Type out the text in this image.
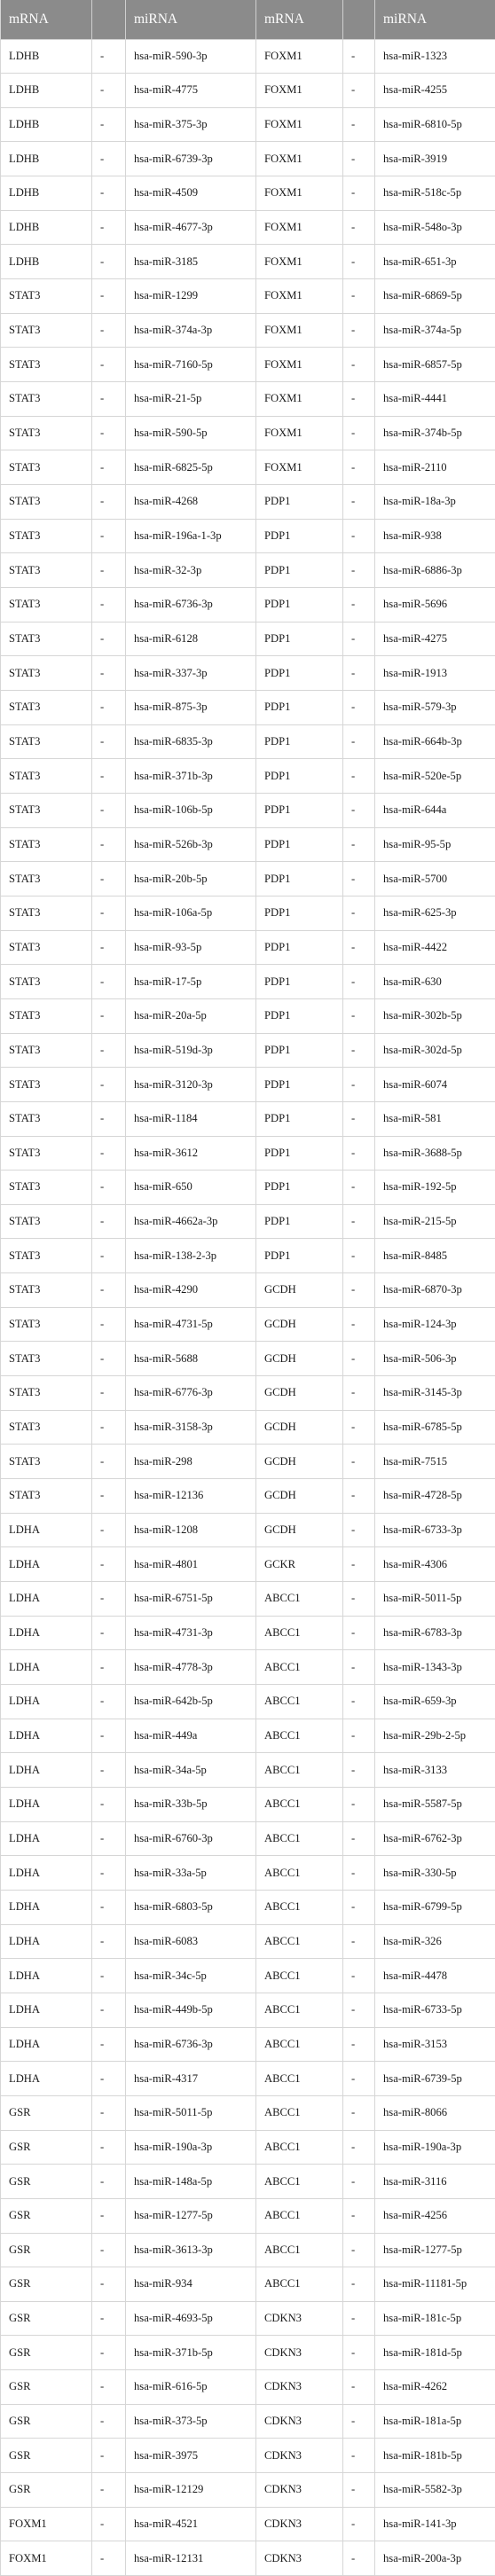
mRNA		miRNA	mRNA		miRNA
LDHB	-	hsa-miR-590-3p	FOXM1	-	hsa-miR-1323
LDHB	-	hsa-miR-4775	FOXM1	-	hsa-miR-4255
LDHB	-	hsa-miR-375-3p	FOXM1	-	hsa-miR-6810-5p
LDHB	-	hsa-miR-6739-3p	FOXM1	-	hsa-miR-3919
LDHB	-	hsa-miR-4509	FOXM1	-	hsa-miR-518c-5p
LDHB	-	hsa-miR-4677-3p	FOXM1	-	hsa-miR-548o-3p
LDHB	-	hsa-miR-3185	FOXM1	-	hsa-miR-651-3p
STAT3	-	hsa-miR-1299	FOXM1	-	hsa-miR-6869-5p
STAT3	-	hsa-miR-374a-3p	FOXM1	-	hsa-miR-374a-5p
STAT3	-	hsa-miR-7160-5p	FOXM1	-	hsa-miR-6857-5p
STAT3	-	hsa-miR-21-5p	FOXM1	-	hsa-miR-4441
STAT3	-	hsa-miR-590-5p	FOXM1	-	hsa-miR-374b-5p
STAT3	-	hsa-miR-6825-5p	FOXM1	-	hsa-miR-2110
STAT3	-	hsa-miR-4268	PDP1	-	hsa-miR-18a-3p
STAT3	-	hsa-miR-196a-1-3p	PDP1	-	hsa-miR-938
STAT3	-	hsa-miR-32-3p	PDP1	-	hsa-miR-6886-3p
STAT3	-	hsa-miR-6736-3p	PDP1	-	hsa-miR-5696
STAT3	-	hsa-miR-6128	PDP1	-	hsa-miR-4275
STAT3	-	hsa-miR-337-3p	PDP1	-	hsa-miR-1913
STAT3	-	hsa-miR-875-3p	PDP1	-	hsa-miR-579-3p
STAT3	-	hsa-miR-6835-3p	PDP1	-	hsa-miR-664b-3p
STAT3	-	hsa-miR-371b-3p	PDP1	-	hsa-miR-520e-5p
STAT3	-	hsa-miR-106b-5p	PDP1	-	hsa-miR-644a
STAT3	-	hsa-miR-526b-3p	PDP1	-	hsa-miR-95-5p
STAT3	-	hsa-miR-20b-5p	PDP1	-	hsa-miR-5700
STAT3	-	hsa-miR-106a-5p	PDP1	-	hsa-miR-625-3p
STAT3	-	hsa-miR-93-5p	PDP1	-	hsa-miR-4422
STAT3	-	hsa-miR-17-5p	PDP1	-	hsa-miR-630
STAT3	-	hsa-miR-20a-5p	PDP1	-	hsa-miR-302b-5p
STAT3	-	hsa-miR-519d-3p	PDP1	-	hsa-miR-302d-5p
STAT3	-	hsa-miR-3120-3p	PDP1	-	hsa-miR-6074
STAT3	-	hsa-miR-1184	PDP1	-	hsa-miR-581
STAT3	-	hsa-miR-3612	PDP1	-	hsa-miR-3688-5p
STAT3	-	hsa-miR-650	PDP1	-	hsa-miR-192-5p
STAT3	-	hsa-miR-4662a-3p	PDP1	-	hsa-miR-215-5p
STAT3	-	hsa-miR-138-2-3p	PDP1	-	hsa-miR-8485
STAT3	-	hsa-miR-4290	GCDH	-	hsa-miR-6870-3p
STAT3	-	hsa-miR-4731-5p	GCDH	-	hsa-miR-124-3p
STAT3	-	hsa-miR-5688	GCDH	-	hsa-miR-506-3p
STAT3	-	hsa-miR-6776-3p	GCDH	-	hsa-miR-3145-3p
STAT3	-	hsa-miR-3158-3p	GCDH	-	hsa-miR-6785-5p
STAT3	-	hsa-miR-298	GCDH	-	hsa-miR-7515
STAT3	-	hsa-miR-12136	GCDH	-	hsa-miR-4728-5p
LDHA	-	hsa-miR-1208	GCDH	-	hsa-miR-6733-3p
LDHA	-	hsa-miR-4801	GCKR	-	hsa-miR-4306
LDHA	-	hsa-miR-6751-5p	ABCC1	-	hsa-miR-5011-5p
LDHA	-	hsa-miR-4731-3p	ABCC1	-	hsa-miR-6783-3p
LDHA	-	hsa-miR-4778-3p	ABCC1	-	hsa-miR-1343-3p
LDHA	-	hsa-miR-642b-5p	ABCC1	-	hsa-miR-659-3p
LDHA	-	hsa-miR-449a	ABCC1	-	hsa-miR-29b-2-5p
LDHA	-	hsa-miR-34a-5p	ABCC1	-	hsa-miR-3133
LDHA	-	hsa-miR-33b-5p	ABCC1	-	hsa-miR-5587-5p
LDHA	-	hsa-miR-6760-3p	ABCC1	-	hsa-miR-6762-3p
LDHA	-	hsa-miR-33a-5p	ABCC1	-	hsa-miR-330-5p
LDHA	-	hsa-miR-6803-5p	ABCC1	-	hsa-miR-6799-5p
LDHA	-	hsa-miR-6083	ABCC1	-	hsa-miR-326
LDHA	-	hsa-miR-34c-5p	ABCC1	-	hsa-miR-4478
LDHA	-	hsa-miR-449b-5p	ABCC1	-	hsa-miR-6733-5p
LDHA	-	hsa-miR-6736-3p	ABCC1	-	hsa-miR-3153
LDHA	-	hsa-miR-4317	ABCC1	-	hsa-miR-6739-5p
GSR	-	hsa-miR-5011-5p	ABCC1	-	hsa-miR-8066
GSR	-	hsa-miR-190a-3p	ABCC1	-	hsa-miR-190a-3p
GSR	-	hsa-miR-148a-5p	ABCC1	-	hsa-miR-3116
GSR	-	hsa-miR-1277-5p	ABCC1	-	hsa-miR-4256
GSR	-	hsa-miR-3613-3p	ABCC1	-	hsa-miR-1277-5p
GSR	-	hsa-miR-934	ABCC1	-	hsa-miR-11181-5p
GSR	-	hsa-miR-4693-5p	CDKN3	-	hsa-miR-181c-5p
GSR	-	hsa-miR-371b-5p	CDKN3	-	hsa-miR-181d-5p
GSR	-	hsa-miR-616-5p	CDKN3	-	hsa-miR-4262
GSR	-	hsa-miR-373-5p	CDKN3	-	hsa-miR-181a-5p
GSR	-	hsa-miR-3975	CDKN3	-	hsa-miR-181b-5p
GSR	-	hsa-miR-12129	CDKN3	-	hsa-miR-5582-3p
FOXM1	-	hsa-miR-4521	CDKN3	-	hsa-miR-141-3p
FOXM1	-	hsa-miR-12131	CDKN3	-	hsa-miR-200a-3p
